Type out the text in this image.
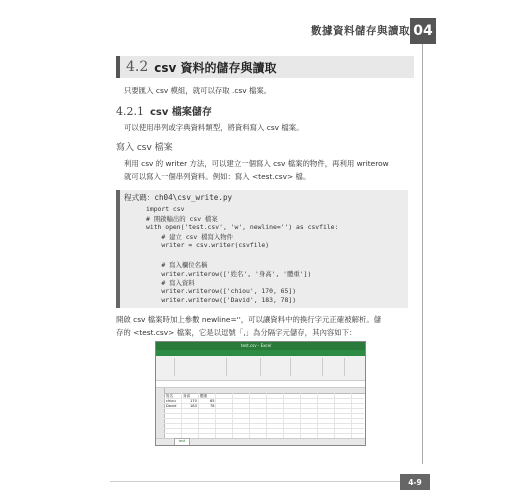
數據資料儲存與讀取 04
4.2 csv 資料的儲存與讀取
只要匯入 csv 模組，就可以存取 .csv 檔案。
4.2.1 csv 檔案儲存
可以使用串列或字典資料類型，將資料寫入 csv 檔案。
寫入 csv 檔案
利用 csv 的 writer 方法，可以建立一個寫入 csv 檔案的物件，再利用 writerow
就可以寫入一個串列資料。例如：寫入 <test.csv> 檔。
程式碼：ch04\csv_write.py
import csv
# 開啟輸出的 csv 檔案
with open('test.csv', 'w', newline='') as csvfile:
# 建立 csv 檔寫入物件
writer = csv.writer(csvfile)
# 寫入欄位名稱
writer.writerow(['姓名', '身高', '體重'])
# 寫入資料
writer.writerow(['chiou', 170, 65])
writer.writerow(['David', 183, 78])
開啟 csv 檔案時加上參數 newline=''，可以讓資料中的換行字元正確被解析。儲
存的 <test.csv> 檔案，它是以逗號「,」為分隔字元儲存，其內容如下：
test.csv - Excel
姓名	身高	體重
chiou	170	65
David	183	78
test
4-9
